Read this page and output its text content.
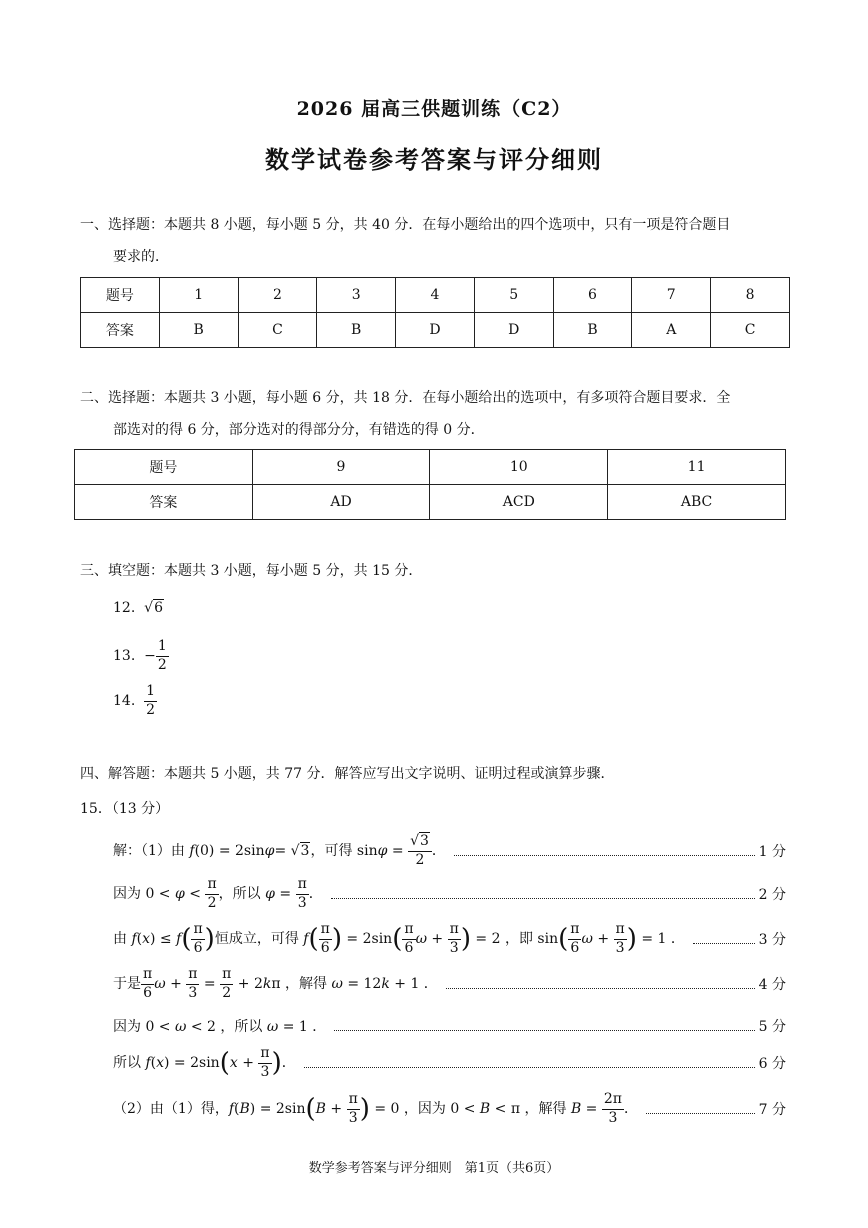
2026 届高三供题训练（C2）
数学试卷参考答案与评分细则
一、选择题：本题共 8 小题，每小题 5 分，共 40 分．在每小题给出的四个选项中，只有一项是符合题目
要求的．
题号	1	2	3	4	5	6	7	8
答案	B	C	B	D	D	B	A	C
二、选择题：本题共 3 小题，每小题 6 分，共 18 分．在每小题给出的选项中，有多项符合题目要求．全
部选对的得 6 分，部分选对的得部分分，有错选的得 0 分．
题号	9	10	11
答案	AD	ACD	ABC
三、填空题：本题共 3 小题，每小题 5 分，共 15 分．
12. √6
13. − $\frac{1}{2}$
14. $\frac{1}{2}$
四、解答题：本题共 5 小题，共 77 分．解答应写出文字说明、证明过程或演算步骤．
15．（13 分）
解：（1）由 f(0) = 2sinφ= √3，可得 $\sin\varphi = \frac{√3}{2}$ ．	1 分
因为 $0 < \varphi < \frac{\pi}{2}$ ，所以 $\varphi = \frac{\pi}{3}$ ．	2 分
由 $f(x) \le f( \frac{\pi}{6}$ )恒成立，可得 $f( \frac{\pi}{6}$ ) = $2\sin( \frac{\pi}{6}$ $\omega + \frac{\pi}{3}$ ) = 2 ，即 $\sin( \frac{\pi}{6}$ $\omega + \frac{\pi}{3}$ ) = 1 ．	3 分
于是 $\frac{\pi}{6}$ $\omega + \frac{\pi}{3} = \frac{\pi}{2} + 2k\pi$ ，解得 ω = 12k + 1 ．	4 分
因为 0 < ω < 2 ，所以 ω = 1 ．	5 分
所以 $f(x) = 2\sin(x + \frac{\pi}{3}$ )．	6 分
（2）由（1）得，$f(B) = 2\sin(B + \frac{\pi}{3}$ ) = 0 ，因为 0 < B < π ，解得 $B = \frac{2\pi}{3}$ ．	7 分
数学参考答案与评分细则　第1页（共6页）
